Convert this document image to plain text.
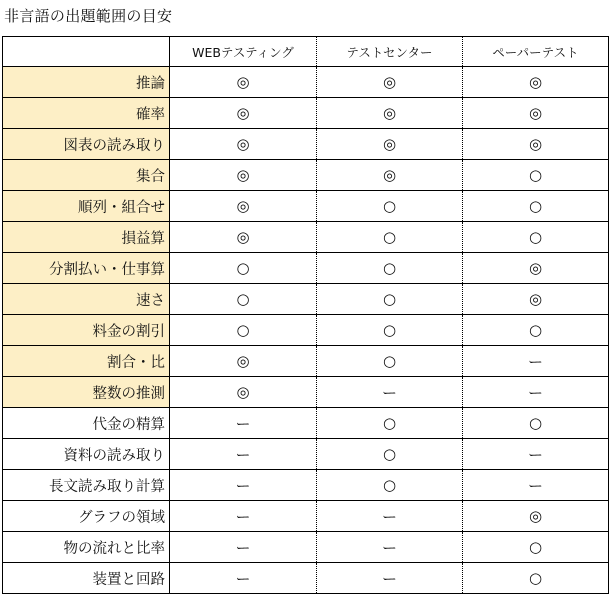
非言語の出題範囲の目安
	WEBテスティング	テストセンター	ペーパーテスト
推論	◎	◎	◎
確率	◎	◎	◎
図表の読み取り	◎	◎	◎
集合	◎	◎	○
順列・組合せ	◎	○	○
損益算	◎	○	○
分割払い・仕事算	○	○	◎
速さ	○	○	◎
料金の割引	○	○	○
割合・比	◎	○	ー
整数の推測	◎	ー	ー
代金の精算	ー	○	○
資料の読み取り	ー	○	ー
長文読み取り計算	ー	○	ー
グラフの領域	ー	ー	◎
物の流れと比率	ー	ー	○
装置と回路	ー	ー	○
